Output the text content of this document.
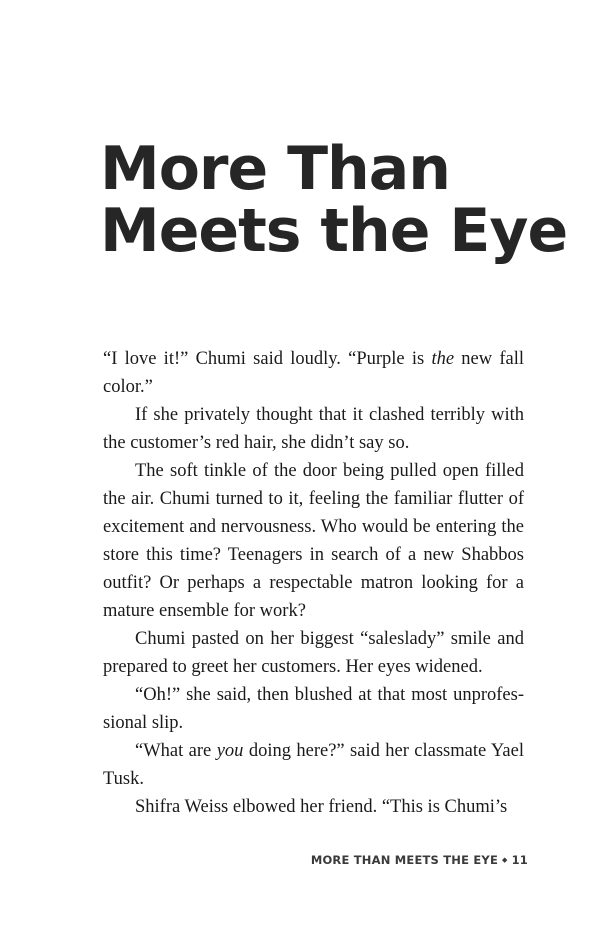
More Than
Meets the Eye

“I love it!” Chumi said loudly. “Purple is the new fall color.”

If she privately thought that it clashed terribly with the customer’s red hair, she didn’t say so.

The soft tinkle of the door being pulled open filled the air. Chumi turned to it, feeling the familiar flutter of excitement and nervousness. Who would be entering the store this time? Teenagers in search of a new Shabbos outfit? Or perhaps a respectable matron looking for a mature ensemble for work?

Chumi pasted on her biggest “saleslady” smile and prepared to greet her customers. Her eyes widened.

“Oh!” she said, then blushed at that most unprofessional slip.

“What are you doing here?” said her classmate Yael Tusk.

Shifra Weiss elbowed her friend. “This is Chumi’s

MORE THAN MEETS THE EYE ◆ 11
